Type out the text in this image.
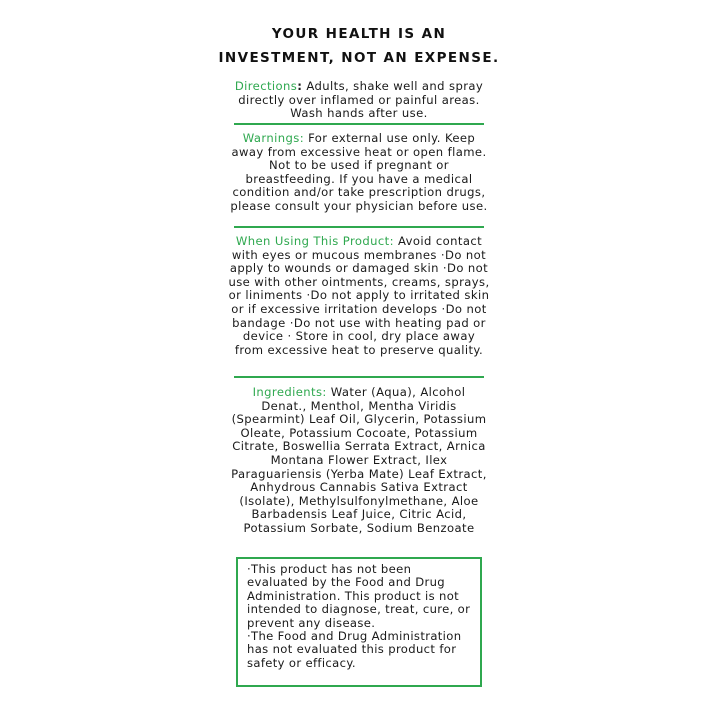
YOUR HEALTH IS AN
INVESTMENT, NOT AN EXPENSE.
Directions: Adults, shake well and spray directly over inflamed or painful areas. Wash hands after use.
Warnings: For external use only. Keep away from excessive heat or open flame. Not to be used if pregnant or breastfeeding. If you have a medical condition and/or take prescription drugs, please consult your physician before use.
When Using This Product: Avoid contact with eyes or mucous membranes ·Do not apply to wounds or damaged skin ·Do not use with other ointments, creams, sprays, or liniments ·Do not apply to irritated skin or if excessive irritation develops ·Do not bandage ·Do not use with heating pad or device · Store in cool, dry place away from excessive heat to preserve quality.
Ingredients: Water (Aqua), Alcohol Denat., Menthol, Mentha Viridis (Spearmint) Leaf Oil, Glycerin, Potassium Oleate, Potassium Cocoate, Potassium Citrate, Boswellia Serrata Extract, Arnica Montana Flower Extract, Ilex Paraguariensis (Yerba Mate) Leaf Extract, Anhydrous Cannabis Sativa Extract (Isolate), Methylsulfonylmethane, Aloe Barbadensis Leaf Juice, Citric Acid, Potassium Sorbate, Sodium Benzoate

·This product has not been evaluated by the Food and Drug Administration. This product is not intended to diagnose, treat, cure, or prevent any disease.

·The Food and Drug Administration has not evaluated this product for safety or efficacy.
